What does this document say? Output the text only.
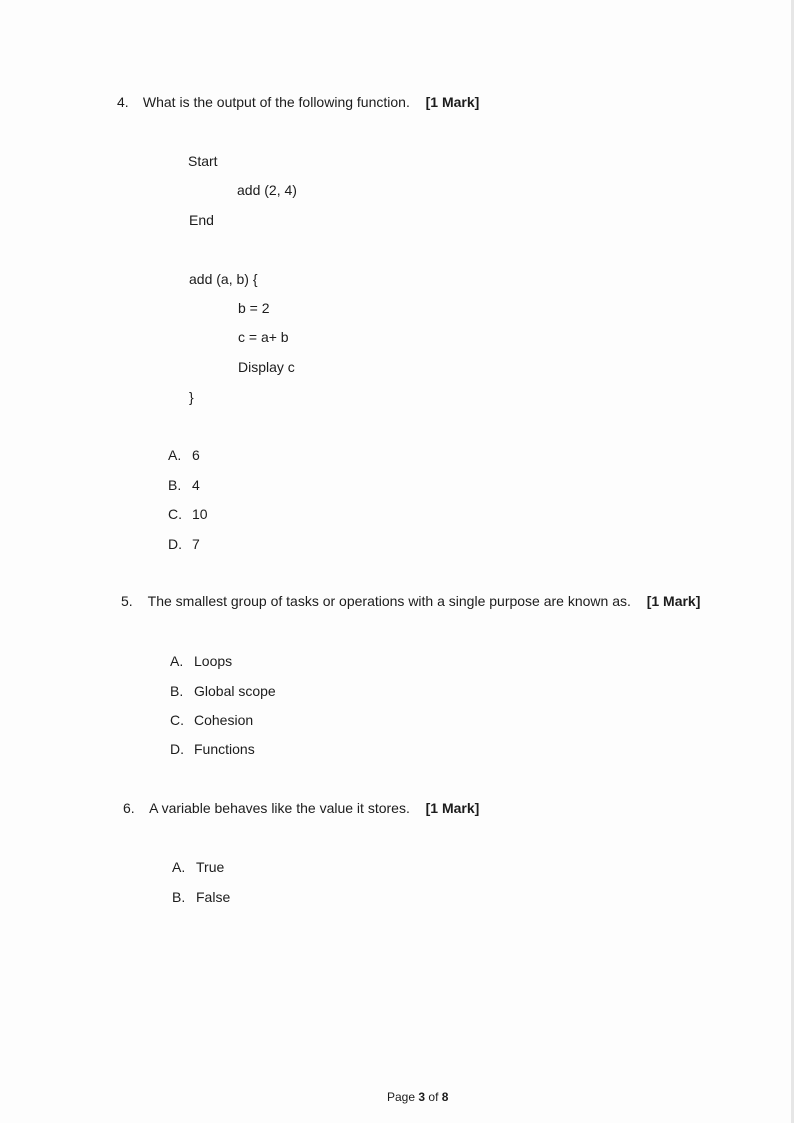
4. What is the output of the following function. [1 Mark]
Start
add (2, 4)
End
add (a, b) {
b = 2
c = a+ b
Display c
}
A. 6
B. 4
C. 10
D. 7
5. The smallest group of tasks or operations with a single purpose are known as. [1 Mark]
A. Loops
B. Global scope
C. Cohesion
D. Functions
6. A variable behaves like the value it stores. [1 Mark]
A. True
B. False
Page 3 of 8
